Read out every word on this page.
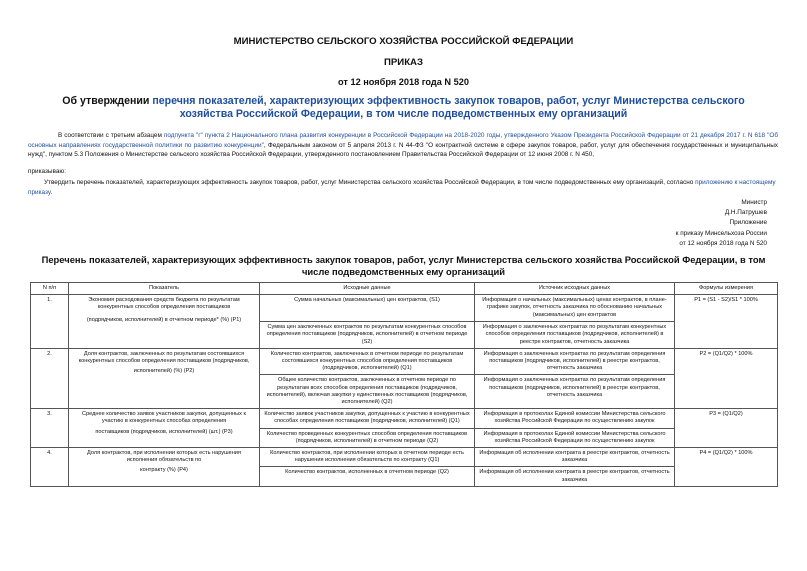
МИНИСТЕРСТВО СЕЛЬСКОГО ХОЗЯЙСТВА РОССИЙСКОЙ ФЕДЕРАЦИИ
ПРИКАЗ
от 12 ноября 2018 года N 520
Об утверждении перечня показателей, характеризующих эффективность закупок товаров, работ, услуг Министерства сельского хозяйства Российской Федерации, в том числе подведомственных ему организаций
В соответствии с третьим абзацем подпункта "г" пункта 2 Национального плана развития конкуренции в Российской Федерации на 2018-2020 годы, утвержденного Указом Президента Российской Федерации от 21 декабря 2017 г. N 618 "Об основных направлениях государственной политики по развитию конкуренции", Федеральным законом от 5 апреля 2013 г. N 44-ФЗ "О контрактной системе в сфере закупок товаров, работ, услуг для обеспечения государственных и муниципальных нужд", пунктом 5.3 Положения о Министерстве сельского хозяйства Российской Федерации, утвержденного постановлением Правительства Российской Федерации от 12 июня 2008 г. N 450,
приказываю:
Утвердить перечень показателей, характеризующих эффективность закупок товаров, работ, услуг Министерства сельского хозяйства Российской Федерации, в том числе подведомственных ему организаций, согласно приложению к настоящему приказу.
Министр
Д.Н.Патрушев
Приложение
к приказу Минсельхоза России
от 12 ноября 2018 года N 520
Перечень показателей, характеризующих эффективность закупок товаров, работ, услуг Министерства сельского хозяйства Российской Федерации, в том числе подведомственных ему организаций
N п/п	Показатель	Исходные данные	Источник исходных данных	Формулы измерения
1.	Экономия расходования средств бюджета по результатам конкурентных способов определения поставщиков
(подрядчиков, исполнителей) в отчетном периоде* (%) (P1)	Сумма начальных (максимальных) цен контрактов, (S1)	Информация о начальных (максимальных) ценах контрактов, в плане-графике закупок, отчетность заказчика по обоснованию начальных (максимальных) цен контрактов	P1 = (S1 - S2)/S1 * 100%
		Сумма цен заключенных контрактов по результатам конкурентных способов определения поставщиков (подрядчиков, исполнителей) в отчетном периоде (S2)	Информация о заключенных контрактах по результатам конкурентных способов определения поставщиков (подрядчиков, исполнителей) в реестре контрактов, отчетность заказчика	
2.	Доля контрактов, заключенных по результатам состоявшихся конкурентных способов определения поставщиков (подрядчиков,
исполнителей) (%) (P2)	Количество контрактов, заключенных в отчетном периоде по результатам состоявшихся конкурентных способов определения поставщиков (подрядчиков, исполнителей) (Q1)	Информация о заключенных контрактах по результатам определения поставщиков (подрядчиков, исполнителей) в реестре контрактов, отчетность заказчика	P2 = (Q1/Q2) * 100%
		Общее количество контрактов, заключенных в отчетном периоде по результатам всех способов определения поставщиков (подрядчиков, исполнителей), включая закупки у единственных поставщиков (подрядчиков, исполнителей) (Q2)	Информация о заключенных контрактах по результатам определения поставщиков (подрядчиков, исполнителей) в реестре контрактов, отчетность заказчика	
3.	Среднее количество заявок участников закупки, допущенных к участию в конкурентных способах определения
поставщиков (подрядчиков, исполнителей) (шт.) (P3)	Количество заявок участников закупки, допущенных к участию в конкурентных способах определения поставщиков (подрядчиков, исполнителей) (Q1)	Информация в протоколах Единой комиссии Министерства сельского хозяйства Российской Федерации по осуществлению закупок	P3 = (Q1/Q2)
		Количество проведенных конкурентных способов определения поставщиков (подрядчиков, исполнителей) в отчетном периоде (Q2)	Информация в протоколах Единой комиссии Министерства сельского хозяйства Российской Федерации по осуществлению закупок	
4.	Доля контрактов, при исполнении которых есть нарушения исполнения обязательств по
контракту (%) (P4)	Количество контрактов, при исполнении которых в отчетном периоде есть нарушения исполнения обязательств по контракту (Q1)	Информация об исполнении контракта в реестре контрактов, отчетность заказчика	P4 = (Q1/Q2) * 100%
		Количество контрактов, исполненных в отчетном периоде (Q2)	Информация об исполнении контракта в реестре контрактов, отчетность заказчика	
